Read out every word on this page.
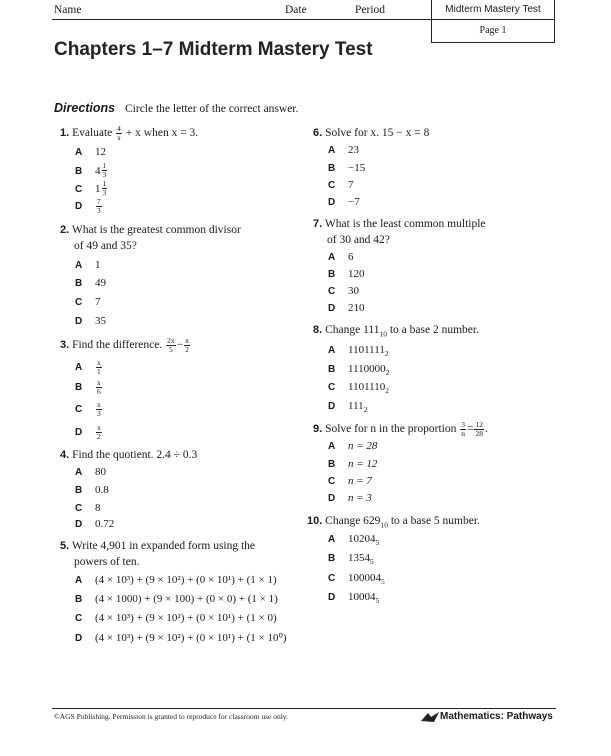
Name	Date	Period	Midterm Mastery Test
Page 1
Chapters 1–7 Midterm Mastery Test
Directions Circle the letter of the correct answer.
1. Evaluate $\frac{4}{x} + x$ when x = 3.
A 12
B $4 \frac{1}{3}$
C $1 \frac{1}{3}$
D $\frac{7}{3}$
2. What is the greatest common divisor
of 49 and 35?
A 1
B 49
C 7
D 35
3. Find the difference. $\frac{2x}{5} - \frac{x}{2}$
A $\frac{x}{1}$
B $\frac{x}{6}$
C $\frac{x}{3}$
D $\frac{x}{2}$
4. Find the quotient. 2.4 ÷ 0.3
A 80
B 0.8
C 8
D 0.72
5. Write 4,901 in expanded form using the
powers of ten.
A (4 × 10³) + (9 × 10²) + (0 × 10¹) + (1 × 1)
B (4 × 1000) + (9 × 100) + (0 × 0) + (1 × 1)
C (4 × 10³) + (9 × 10²) + (0 × 10¹) + (1 × 0)
D (4 × 10³) + (9 × 10²) + (0 × 10¹) + (1 × 10⁰)
6. Solve for x. 15 − x = 8
A 23
B −15
C 7
D −7
7. What is the least common multiple
of 30 and 42?
A 6
B 120
C 30
D 210
8. Change $111_{10}$ to a base 2 number.
A $1101111_2$
B $1110000_2$
C $1101110_2$
D $111_2$
9. Solve for n in the proportion $\frac{3}{n} = \frac{12}{28}$ .
A n = 28
B n = 12
C n = 7
D n = 3
10. Change $629_{10}$ to a base 5 number.
A $10204_5$
B $1354_5$
C $100004_5$
D $10004_5$
©AGS Publishing. Permission is granted to reproduce for classroom use only.	Mathematics: Pathways
